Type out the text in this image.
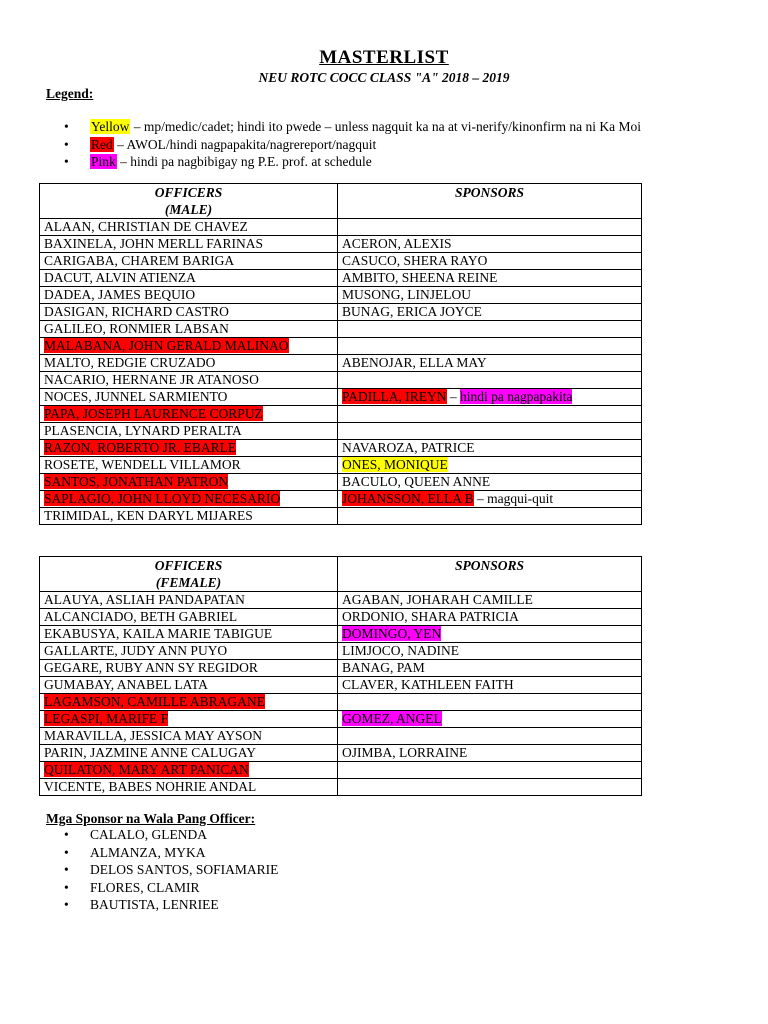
MASTERLIST
NEU ROTC COCC CLASS "A" 2018 – 2019
Legend:
• Yellow – mp/medic/cadet; hindi ito pwede – unless nagquit ka na at vi-nerify/kinonfirm na ni Ka Moi
• Red – AWOL/hindi nagpapakita/nagrereport/nagquit
• Pink – hindi pa nagbibigay ng P.E. prof. at schedule
OFFICERS
(MALE)	SPONSORS
ALAAN, CHRISTIAN DE CHAVEZ	
BAXINELA, JOHN MERLL FARINAS	ACERON, ALEXIS
CARIGABA, CHAREM BARIGA	CASUCO, SHERA RAYO
DACUT, ALVIN ATIENZA	AMBITO, SHEENA REINE
DADEA, JAMES BEQUIO	MUSONG, LINJELOU
DASIGAN, RICHARD CASTRO	BUNAG, ERICA JOYCE
GALILEO, RONMIER LABSAN	
MALABANA, JOHN GERALD MALINAO	
MALTO, REDGIE CRUZADO	ABENOJAR, ELLA MAY
NACARIO, HERNANE JR ATANOSO	
NOCES, JUNNEL SARMIENTO	PADILLA, IREYN – hindi pa nagpapakita
PAPA, JOSEPH LAURENCE CORPUZ	
PLASENCIA, LYNARD PERALTA	
RAZON, ROBERTO JR. EBARLE	NAVAROZA, PATRICE
ROSETE, WENDELL VILLAMOR	ONES, MONIQUE
SANTOS, JONATHAN PATRON	BACULO, QUEEN ANNE
SAPLAGIO, JOHN LLOYD NECESARIO	JOHANSSON, ELLA B – magqui-quit
TRIMIDAL, KEN DARYL MIJARES	
OFFICERS
(FEMALE)	SPONSORS
ALAUYA, ASLIAH PANDAPATAN	AGABAN, JOHARAH CAMILLE
ALCANCIADO, BETH GABRIEL	ORDONIO, SHARA PATRICIA
EKABUSYA, KAILA MARIE TABIGUE	DOMINGO, YEN
GALLARTE, JUDY ANN PUYO	LIMJOCO, NADINE
GEGARE, RUBY ANN SY REGIDOR	BANAG, PAM
GUMABAY, ANABEL LATA	CLAVER, KATHLEEN FAITH
LAGAMSON, CAMILLE ABRAGANE	
LEGASPI, MARIFE F	GOMEZ, ANGEL
MARAVILLA, JESSICA MAY AYSON	
PARIN, JAZMINE ANNE CALUGAY	OJIMBA, LORRAINE
QUILATON, MARY ART PANICAN	
VICENTE, BABES NOHRIE ANDAL	
Mga Sponsor na Wala Pang Officer:
• CALALO, GLENDA
• ALMANZA, MYKA
• DELOS SANTOS, SOFIAMARIE
• FLORES, CLAMIR
• BAUTISTA, LENRIEE
